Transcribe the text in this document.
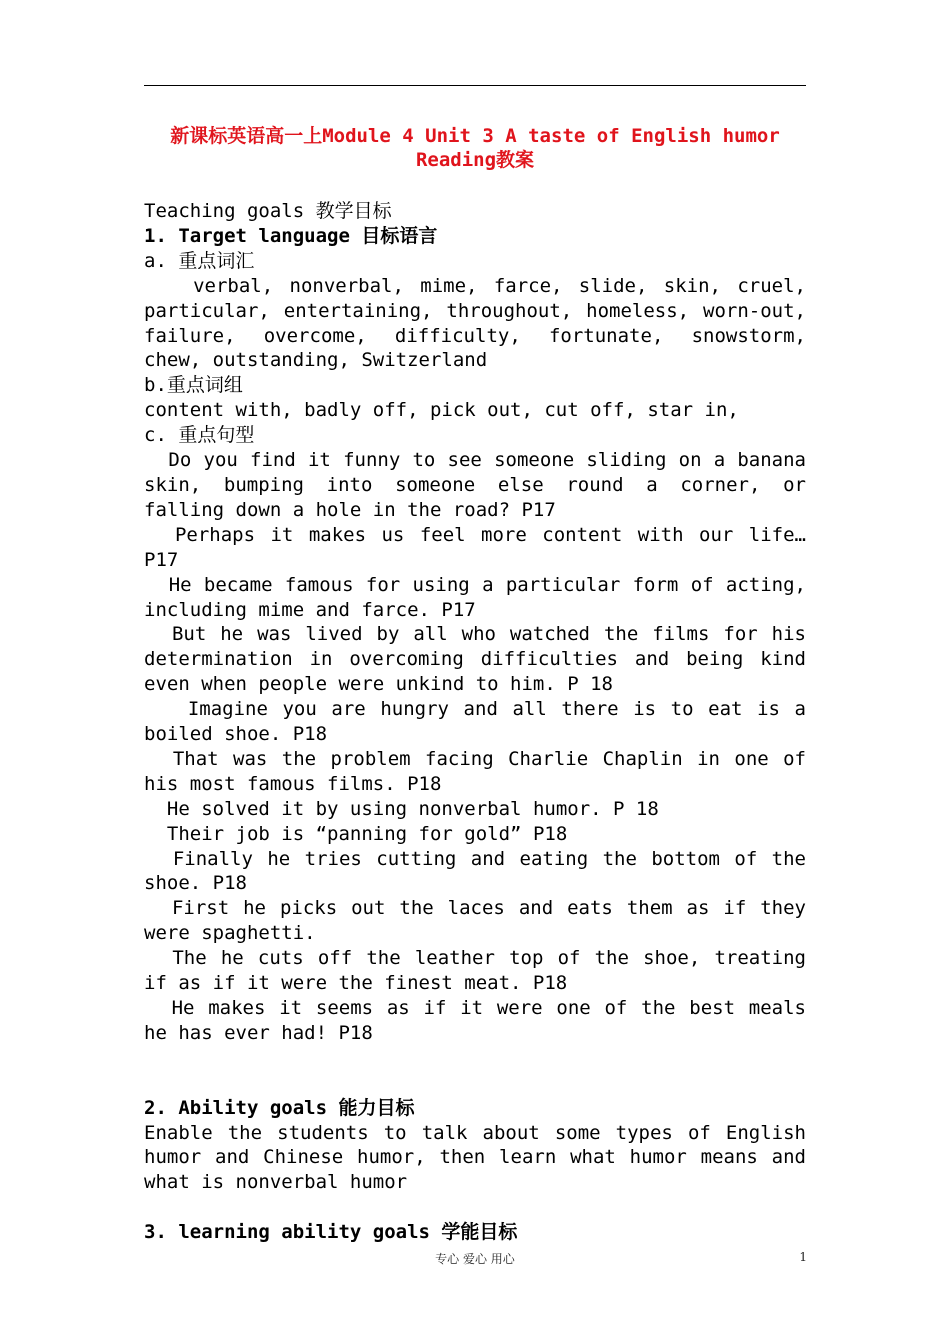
新课标英语高一上Module 4 Unit 3 A taste of English humor
Reading教案

Teaching goals 教学目标

1. Target language 目标语言

a. 重点词汇

verbal, nonverbal, mime, farce, slide, skin, cruel, particular, entertaining, throughout, homeless, worn-out, failure, overcome, difficulty, fortunate, snowstorm, chew, outstanding, Switzerland

b.重点词组

content with, badly off, pick out, cut off, star in,

c. 重点句型

Do you find it funny to see someone sliding on a banana skin, bumping into someone else round a corner, or falling down a hole in the road? P17

Perhaps it makes us feel more content with our life… P17

He became famous for using a particular form of acting, including mime and farce. P17

But he was lived by all who watched the films for his determination in overcoming difficulties and being kind even when people were unkind to him. P 18

Imagine you are hungry and all there is to eat is a boiled shoe. P18

That was the problem facing Charlie Chaplin in one of his most famous films. P18

He solved it by using nonverbal humor. P 18

Their job is “panning for gold” P18

Finally he tries cutting and eating the bottom of the shoe. P18

First he picks out the laces and eats them as if they were spaghetti.

The he cuts off the leather top of the shoe, treating if as if it were the finest meat. P18

He makes it seems as if it were one of the best meals he has ever had! P18

2. Ability goals 能力目标

Enable the students to talk about some types of English humor and Chinese humor, then learn what humor means and what is nonverbal humor

3. learning ability goals 学能目标

专心 爱心 用心	1
